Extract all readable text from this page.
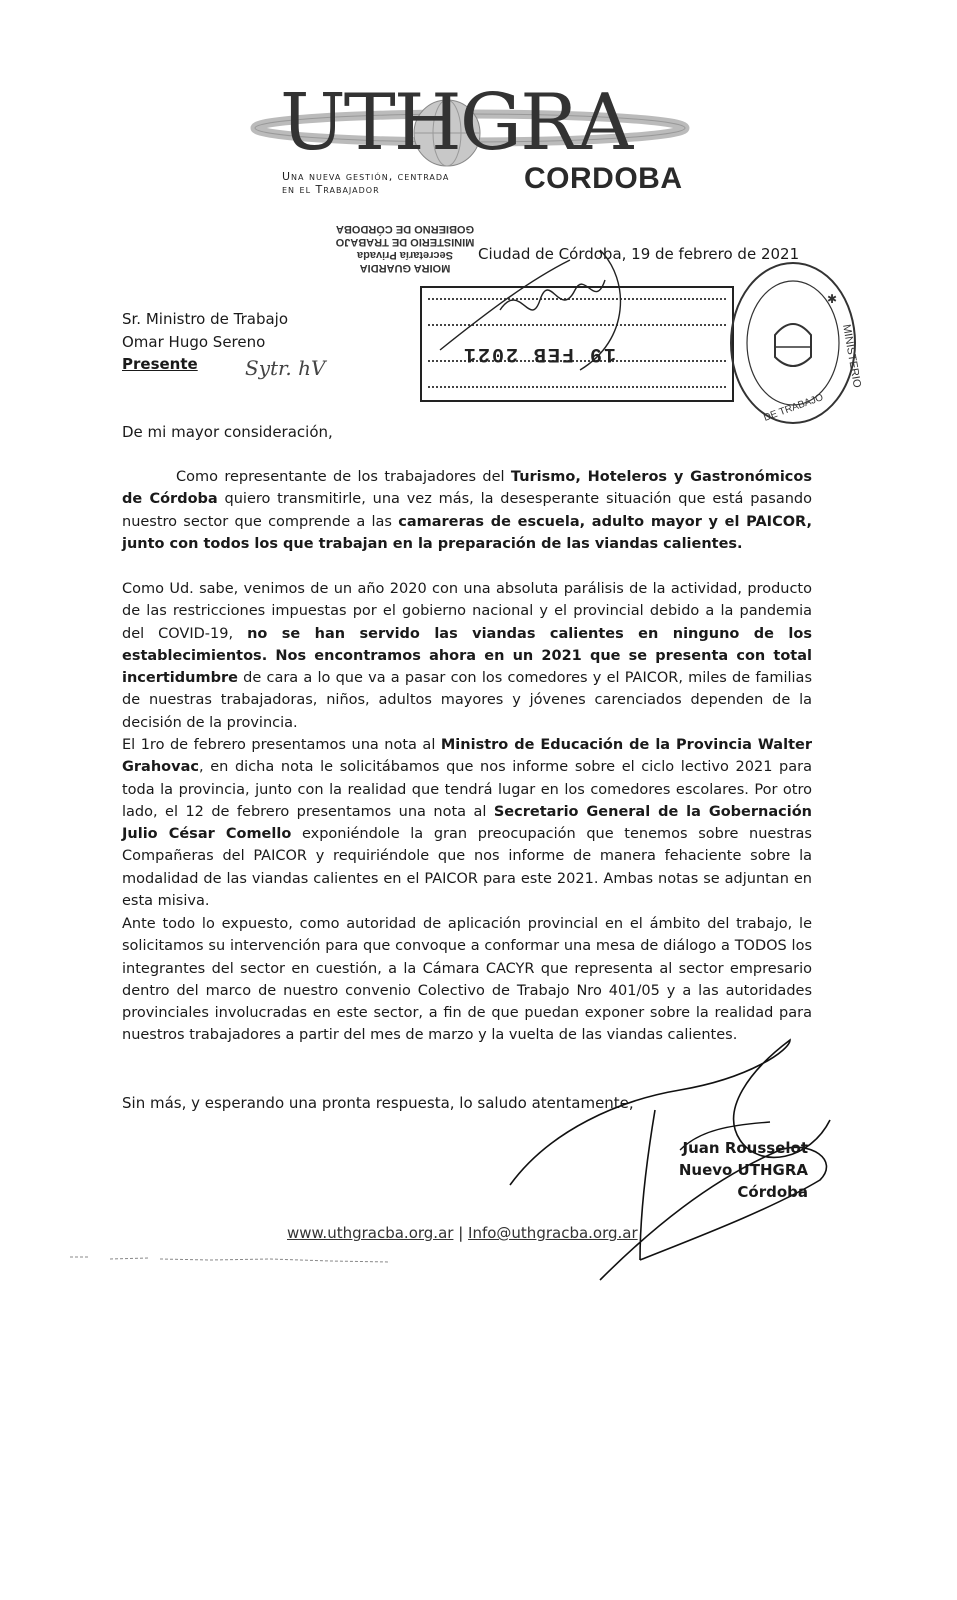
UTHGRA
Una nueva gestión, centrada
en el Trabajador	CORDOBA
MOIRA GUARDIA
Secretaría Privada
MINISTERIO DE TRABAJO
GOBIERNO DE CÓRDOBA
Ciudad de Córdoba, 19 de febrero de 2021
19 FEB 2021	MINISTERIO
DE TRABAJO
✱
Sr. Ministro de Trabajo
Omar Hugo Sereno
Presente	Sytr. hV
De mi mayor consideración,
Como representante de los trabajadores del Turismo, Hoteleros y Gastronómicos de Córdoba quiero transmitirle, una vez más, la desesperante situación que está pasando nuestro sector que comprende a las camareras de escuela, adulto mayor y el PAICOR, junto con todos los que trabajan en la preparación de las viandas calientes.
Como Ud. sabe, venimos de un año 2020 con una absoluta parálisis de la actividad, producto de las restricciones impuestas por el gobierno nacional y el provincial debido a la pandemia del COVID-19, no se han servido las viandas calientes en ninguno de los establecimientos. Nos encontramos ahora en un 2021 que se presenta con total incertidumbre de cara a lo que va a pasar con los comedores y el PAICOR, miles de familias de nuestras trabajadoras, niños, adultos mayores y jóvenes carenciados dependen de la decisión de la provincia.
El 1ro de febrero presentamos una nota al Ministro de Educación de la Provincia Walter Grahovac, en dicha nota le solicitábamos que nos informe sobre el ciclo lectivo 2021 para toda la provincia, junto con la realidad que tendrá lugar en los comedores escolares. Por otro lado, el 12 de febrero presentamos una nota al Secretario General de la Gobernación Julio César Comello exponiéndole la gran preocupación que tenemos sobre nuestras Compañeras del PAICOR y requiriéndole que nos informe de manera fehaciente sobre la modalidad de las viandas calientes en el PAICOR para este 2021. Ambas notas se adjuntan en esta misiva.
Ante todo lo expuesto, como autoridad de aplicación provincial en el ámbito del trabajo, le solicitamos su intervención para que convoque a conformar una mesa de diálogo a TODOS los integrantes del sector en cuestión, a la Cámara CACYR que representa al sector empresario dentro del marco de nuestro convenio Colectivo de Trabajo Nro 401/05 y a las autoridades provinciales involucradas en este sector, a fin de que puedan exponer sobre la realidad para nuestros trabajadores a partir del mes de marzo y la vuelta de las viandas calientes.
Sin más, y esperando una pronta respuesta, lo saludo atentamente,
Juan Rousselot
Nuevo UTHGRA Córdoba
www.uthgracba.org.ar | Info@uthgracba.org.ar
